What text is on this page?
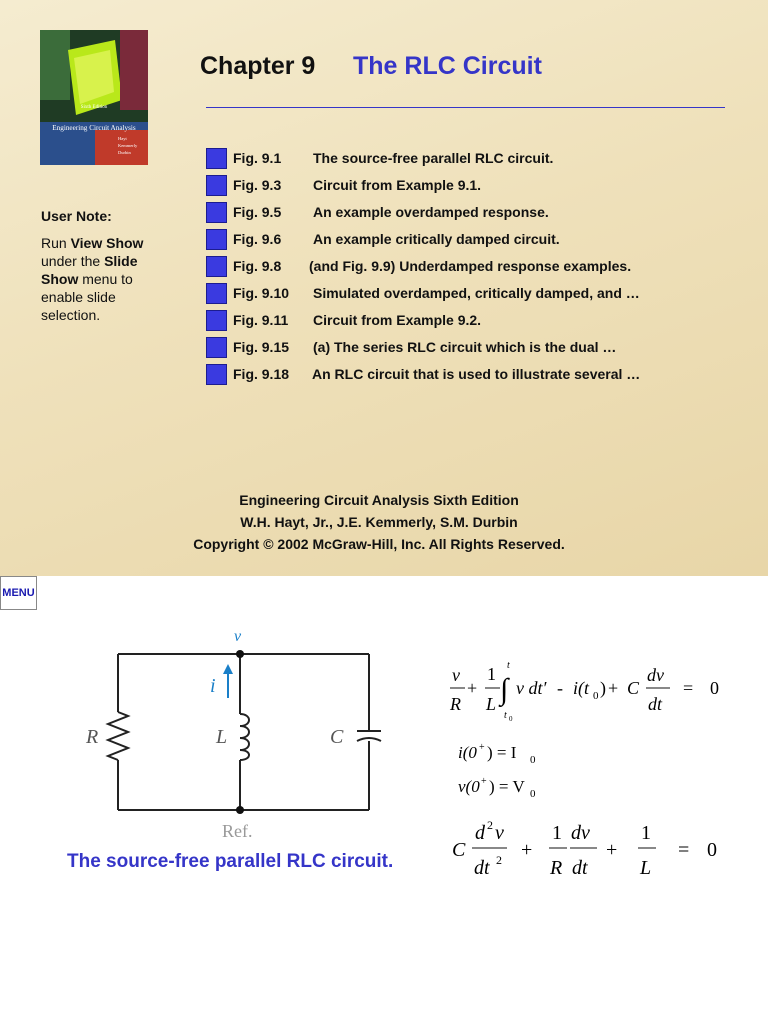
Sixth Edition
Engineering Circuit Analysis
Hayt
Kemmerly
Durbin
Chapter 9 The RLC Circuit
User Note:
Run View Show under the Slide Show menu to enable slide selection.
Fig. 9.1	The source-free parallel RLC circuit.
Fig. 9.3	Circuit from Example 9.1.
Fig. 9.5	An example overdamped response.
Fig. 9.6	An example critically damped circuit.
Fig. 9.8	(and Fig. 9.9) Underdamped response examples.
Fig. 9.10	Simulated overdamped, critically damped, and …
Fig. 9.11	Circuit from Example 9.2.
Fig. 9.15	(a) The series RLC circuit which is the dual …
Fig. 9.18	An RLC circuit that is used to illustrate several …
Engineering Circuit Analysis Sixth Edition
W.H. Hayt, Jr., J.E. Kemmerly, S.M. Durbin
Copyright © 2002 McGraw-Hill, Inc. All Rights Reserved.
MENU
v
i
R	L	C
Ref.
v
R
+
1
L ∫
t
t 0
v dt′ - i(t 0 ) + C
dv
dt
= 0
i(0 + ) = I 0
v(0 + ) = V 0
C
d 2 v
dt 2 +
1
R
dv
dt
+
1
L
= 0
The source-free parallel RLC circuit.
